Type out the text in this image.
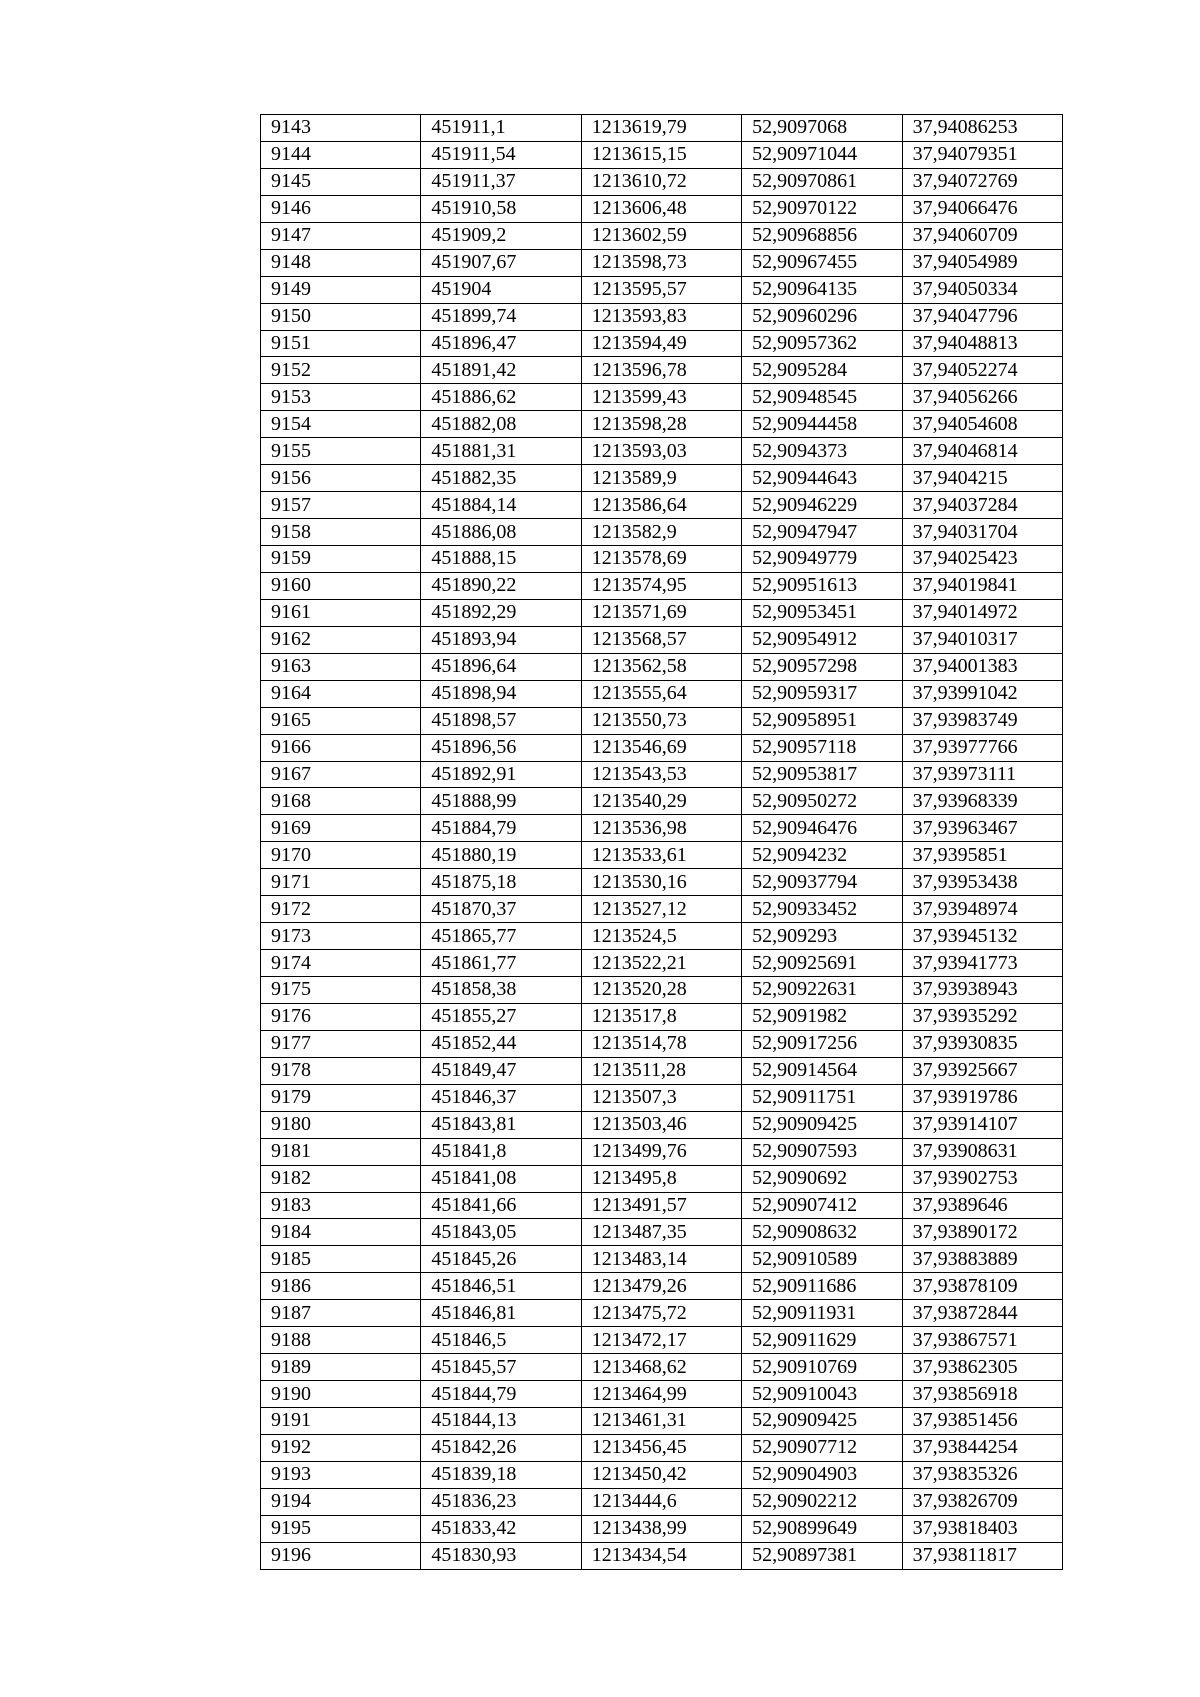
9143	451911,1	1213619,79	52,9097068	37,94086253
9144	451911,54	1213615,15	52,90971044	37,94079351
9145	451911,37	1213610,72	52,90970861	37,94072769
9146	451910,58	1213606,48	52,90970122	37,94066476
9147	451909,2	1213602,59	52,90968856	37,94060709
9148	451907,67	1213598,73	52,90967455	37,94054989
9149	451904	1213595,57	52,90964135	37,94050334
9150	451899,74	1213593,83	52,90960296	37,94047796
9151	451896,47	1213594,49	52,90957362	37,94048813
9152	451891,42	1213596,78	52,9095284	37,94052274
9153	451886,62	1213599,43	52,90948545	37,94056266
9154	451882,08	1213598,28	52,90944458	37,94054608
9155	451881,31	1213593,03	52,9094373	37,94046814
9156	451882,35	1213589,9	52,90944643	37,9404215
9157	451884,14	1213586,64	52,90946229	37,94037284
9158	451886,08	1213582,9	52,90947947	37,94031704
9159	451888,15	1213578,69	52,90949779	37,94025423
9160	451890,22	1213574,95	52,90951613	37,94019841
9161	451892,29	1213571,69	52,90953451	37,94014972
9162	451893,94	1213568,57	52,90954912	37,94010317
9163	451896,64	1213562,58	52,90957298	37,94001383
9164	451898,94	1213555,64	52,90959317	37,93991042
9165	451898,57	1213550,73	52,90958951	37,93983749
9166	451896,56	1213546,69	52,90957118	37,93977766
9167	451892,91	1213543,53	52,90953817	37,93973111
9168	451888,99	1213540,29	52,90950272	37,93968339
9169	451884,79	1213536,98	52,90946476	37,93963467
9170	451880,19	1213533,61	52,9094232	37,9395851
9171	451875,18	1213530,16	52,90937794	37,93953438
9172	451870,37	1213527,12	52,90933452	37,93948974
9173	451865,77	1213524,5	52,909293	37,93945132
9174	451861,77	1213522,21	52,90925691	37,93941773
9175	451858,38	1213520,28	52,90922631	37,93938943
9176	451855,27	1213517,8	52,9091982	37,93935292
9177	451852,44	1213514,78	52,90917256	37,93930835
9178	451849,47	1213511,28	52,90914564	37,93925667
9179	451846,37	1213507,3	52,90911751	37,93919786
9180	451843,81	1213503,46	52,90909425	37,93914107
9181	451841,8	1213499,76	52,90907593	37,93908631
9182	451841,08	1213495,8	52,9090692	37,93902753
9183	451841,66	1213491,57	52,90907412	37,9389646
9184	451843,05	1213487,35	52,90908632	37,93890172
9185	451845,26	1213483,14	52,90910589	37,93883889
9186	451846,51	1213479,26	52,90911686	37,93878109
9187	451846,81	1213475,72	52,90911931	37,93872844
9188	451846,5	1213472,17	52,90911629	37,93867571
9189	451845,57	1213468,62	52,90910769	37,93862305
9190	451844,79	1213464,99	52,90910043	37,93856918
9191	451844,13	1213461,31	52,90909425	37,93851456
9192	451842,26	1213456,45	52,90907712	37,93844254
9193	451839,18	1213450,42	52,90904903	37,93835326
9194	451836,23	1213444,6	52,90902212	37,93826709
9195	451833,42	1213438,99	52,90899649	37,93818403
9196	451830,93	1213434,54	52,90897381	37,93811817
